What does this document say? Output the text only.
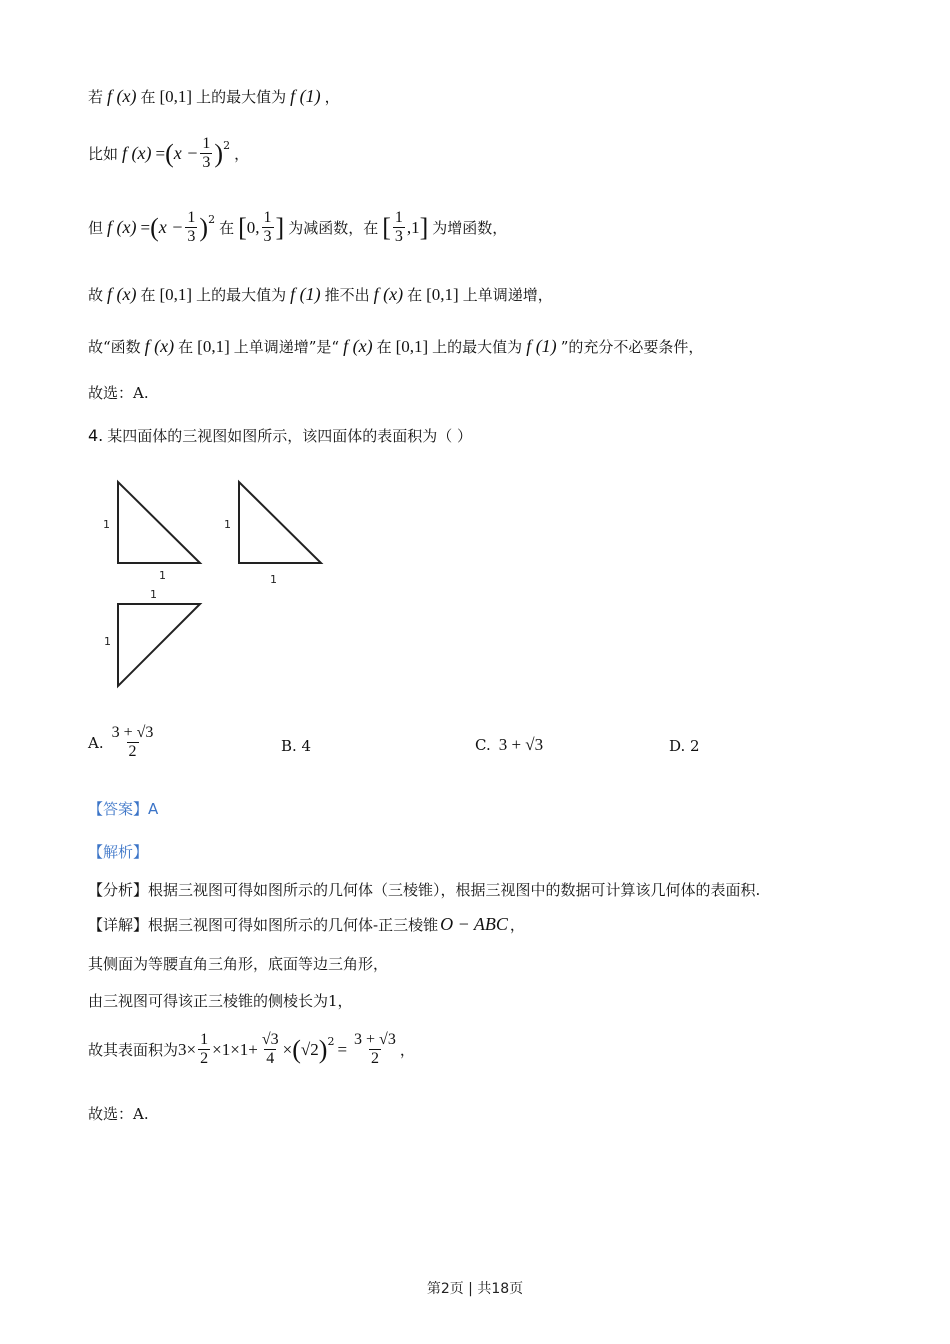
若 f (x) 在 [0,1] 上的最大值为 f (1) ，
比如 f (x) = ( $x - \frac{1}{3}$ ) 2 ，
但 f (x) = ( $x - \frac{1}{3}$ ) 2 在 [ 0, $\frac{1}{3}$ ] 为减函数，在 [ $\frac{1}{3} ,1$ ] 为增函数，
故 f (x) 在 [0,1] 上的最大值为 f (1) 推不出 f (x) 在 [0,1] 上单调递增，
故“函数 f (x) 在 [0,1] 上单调递增”是“ f (x) 在 [0,1] 上的最大值为 f (1) ”的充分不必要条件，
故选：A.
4. 某四面体的三视图如图所示，该四面体的表面积为（ ）
1
1
1
1
1
1
A. $\frac{3 + √3}{2}$	B. 4	C. 3 + √3	D. 2
【答案】 A
【解析】
【分析】根据三视图可得如图所示的几何体（三棱锥），根据三视图中的数据可计算该几何体的表面积.
【详解】根据三视图可得如图所示的几何体-正三棱锥 O − ABC ，
其侧面为等腰直角三角形，底面等边三角形，
由三视图可得该正三棱锥的侧棱长为1，
故其表面积为 $3\times \frac{1}{2} \times 1\times 1+ \frac{√3}{4}$ × ( √2 ) $2 = \frac{3 + √3}{2}$ ，
故选：A.
第2页 | 共18页
